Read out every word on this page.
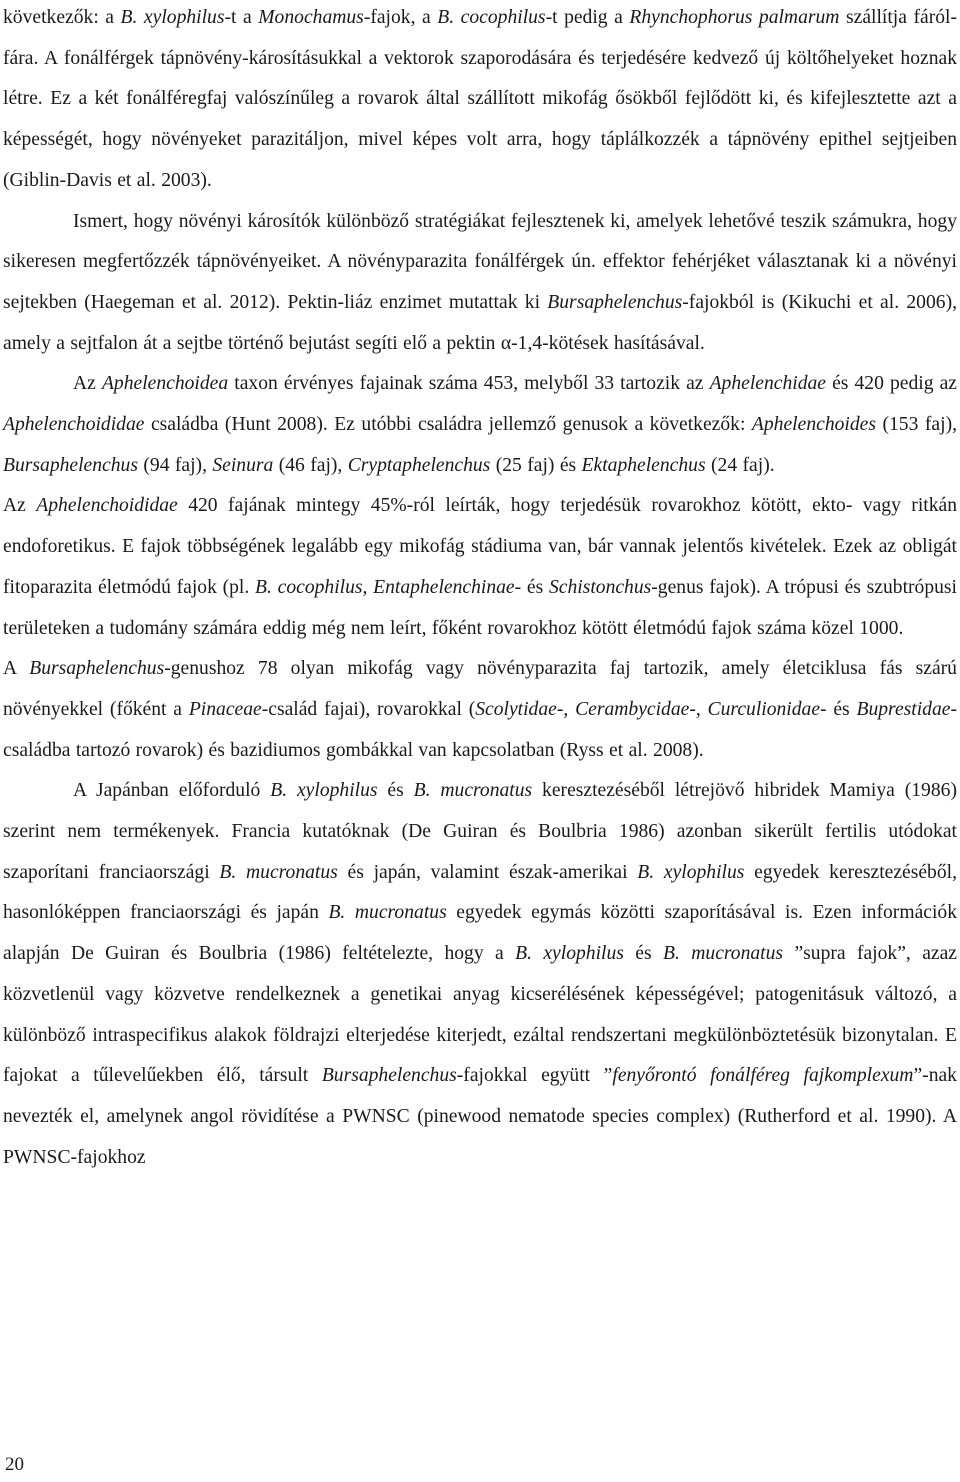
következők: a B. xylophilus-t a Monochamus-fajok, a B. cocophilus-t pedig a Rhynchophorus palmarum szállítja fáról-fára. A fonálférgek tápnövény-károsításukkal a vektorok szaporodására és terjedésére kedvező új költőhelyeket hoznak létre. Ez a két fonálféregfaj valószínűleg a rovarok által szállított mikofág ősökből fejlődött ki, és kifejlesztette azt a képességét, hogy növényeket parazitáljon, mivel képes volt arra, hogy táplálkozzék a tápnövény epithel sejtjeiben (Giblin-Davis et al. 2003).

Ismert, hogy növényi károsítók különböző stratégiákat fejlesztenek ki, amelyek lehetővé teszik számukra, hogy sikeresen megfertőzzék tápnövényeiket. A növényparazita fonálférgek ún. effektor fehérjéket választanak ki a növényi sejtekben (Haegeman et al. 2012). Pektin-liáz enzimet mutattak ki Bursaphelenchus-fajokból is (Kikuchi et al. 2006), amely a sejtfalon át a sejtbe történő bejutást segíti elő a pektin α-1,4-kötések hasításával.

Az Aphelenchoidea taxon érvényes fajainak száma 453, melyből 33 tartozik az Aphelenchidae és 420 pedig az Aphelenchoididae családba (Hunt 2008). Ez utóbbi családra jellemző genusok a következők: Aphelenchoides (153 faj), Bursaphelenchus (94 faj), Seinura (46 faj), Cryptaphelenchus (25 faj) és Ektaphelenchus (24 faj).

Az Aphelenchoididae 420 fajának mintegy 45%-ról leírták, hogy terjedésük rovarokhoz kötött, ekto- vagy ritkán endoforetikus. E fajok többségének legalább egy mikofág stádiuma van, bár vannak jelentős kivételek. Ezek az obligát fitoparazita életmódú fajok (pl. B. cocophilus, Entaphelenchinae- és Schistonchus-genus fajok). A trópusi és szubtrópusi területeken a tudomány számára eddig még nem leírt, főként rovarokhoz kötött életmódú fajok száma közel 1000.

A Bursaphelenchus-genushoz 78 olyan mikofág vagy növényparazita faj tartozik, amely életciklusa fás szárú növényekkel (főként a Pinaceae-család fajai), rovarokkal (Scolytidae-, Cerambycidae-, Curculionidae- és Buprestidae-családba tartozó rovarok) és bazidiumos gombákkal van kapcsolatban (Ryss et al. 2008).

A Japánban előforduló B. xylophilus és B. mucronatus keresztezéséből létrejövő hibridek Mamiya (1986) szerint nem termékenyek. Francia kutatóknak (De Guiran és Boulbria 1986) azonban sikerült fertilis utódokat szaporítani franciaországi B. mucronatus és japán, valamint észak-amerikai B. xylophilus egyedek keresztezéséből, hasonlóképpen franciaországi és japán B. mucronatus egyedek egymás közötti szaporításával is. Ezen információk alapján De Guiran és Boulbria (1986) feltételezte, hogy a B. xylophilus és B. mucronatus ”supra fajok”, azaz közvetlenül vagy közvetve rendelkeznek a genetikai anyag kicserélésének képességével; patogenitásuk változó, a különböző intraspecifikus alakok földrajzi elterjedése kiterjedt, ezáltal rendszertani megkülönböztetésük bizonytalan. E fajokat a tűlevelűekben élő, társult Bursaphelenchus-fajokkal együtt ”fenyőrontó fonálféreg fajkomplexum”-nak nevezték el, amelynek angol rövidítése a PWNSC (pinewood nematode species complex) (Rutherford et al. 1990). A PWNSC-fajokhoz

20
